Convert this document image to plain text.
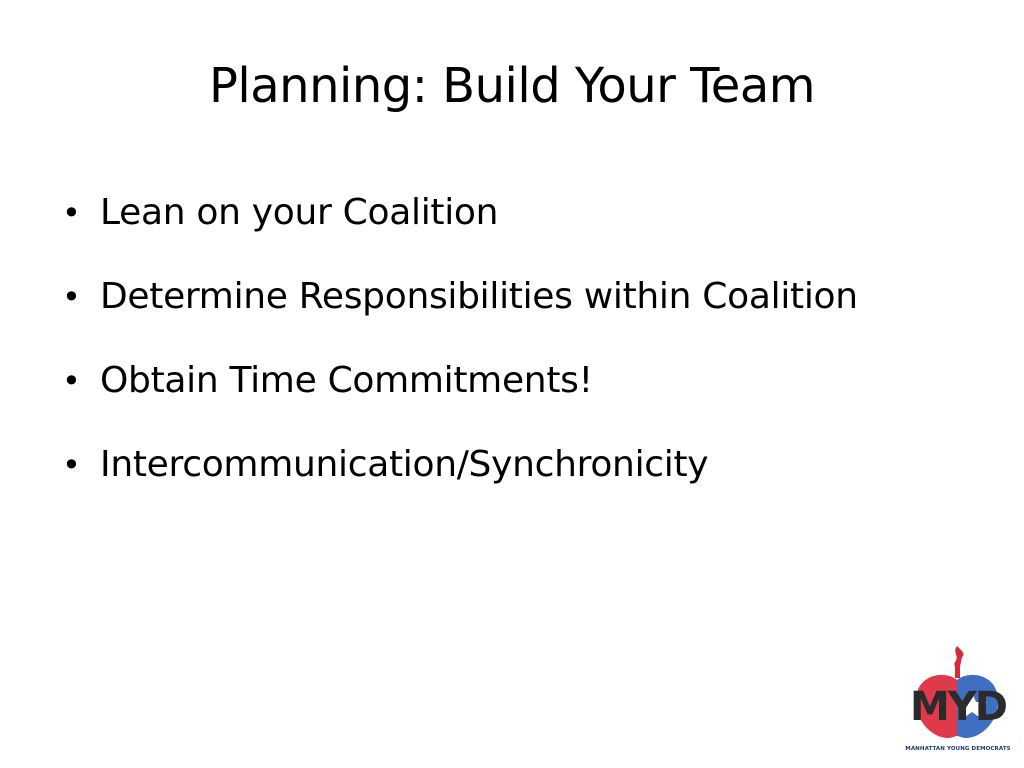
Planning: Build Your Team
• Lean on your Coalition
• Determine Responsibilities within Coalition
• Obtain Time Commitments!
• Intercommunication/Synchronicity
MYD
MANHATTAN YOUNG DEMOCRATS
